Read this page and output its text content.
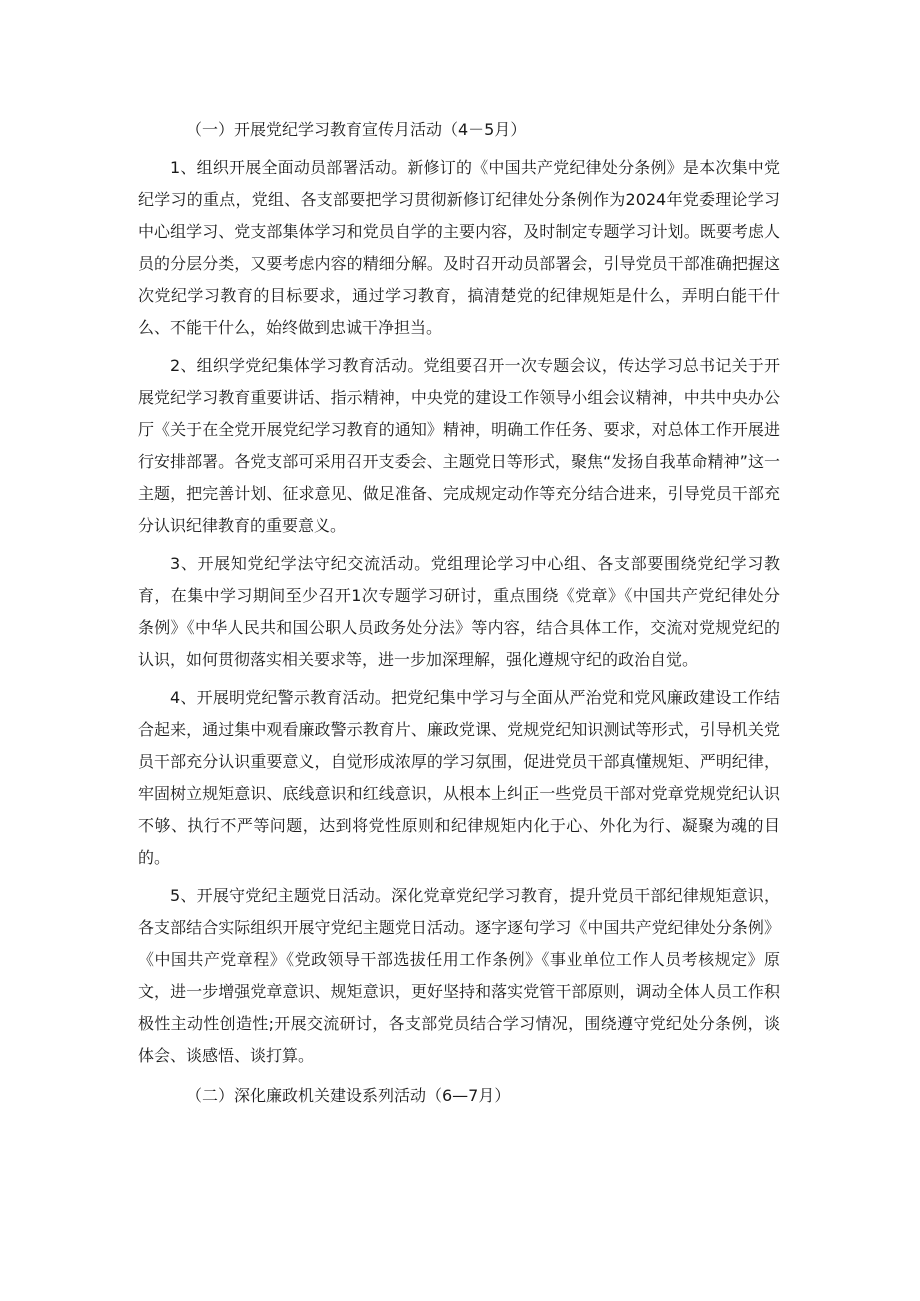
（一）开展党纪学习教育宣传月活动（4－5月）

1、组织开展全面动员部署活动。新修订的《中国共产党纪律处分条例》是本次集中党纪学习的重点，党组、各支部要把学习贯彻新修订纪律处分条例作为2024年党委理论学习中心组学习、党支部集体学习和党员自学的主要内容，及时制定专题学习计划。既要考虑人员的分层分类，又要考虑内容的精细分解。及时召开动员部署会，引导党员干部准确把握这次党纪学习教育的目标要求，通过学习教育，搞清楚党的纪律规矩是什么，弄明白能干什么、不能干什么，始终做到忠诚干净担当。

2、组织学党纪集体学习教育活动。党组要召开一次专题会议，传达学习总书记关于开展党纪学习教育重要讲话、指示精神，中央党的建设工作领导小组会议精神，中共中央办公厅《关于在全党开展党纪学习教育的通知》精神，明确工作任务、要求，对总体工作开展进行安排部署。各党支部可采用召开支委会、主题党日等形式，聚焦“发扬自我革命精神”这一主题，把完善计划、征求意见、做足准备、完成规定动作等充分结合进来，引导党员干部充分认识纪律教育的重要意义。

3、开展知党纪学法守纪交流活动。党组理论学习中心组、各支部要围绕党纪学习教育，在集中学习期间至少召开1次专题学习研讨，重点围绕《党章》《中国共产党纪律处分条例》《中华人民共和国公职人员政务处分法》等内容，结合具体工作，交流对党规党纪的认识，如何贯彻落实相关要求等，进一步加深理解，强化遵规守纪的政治自觉。

4、开展明党纪警示教育活动。把党纪集中学习与全面从严治党和党风廉政建设工作结合起来，通过集中观看廉政警示教育片、廉政党课、党规党纪知识测试等形式，引导机关党员干部充分认识重要意义，自觉形成浓厚的学习氛围，促进党员干部真懂规矩、严明纪律，牢固树立规矩意识、底线意识和红线意识，从根本上纠正一些党员干部对党章党规党纪认识不够、执行不严等问题，达到将党性原则和纪律规矩内化于心、外化为行、凝聚为魂的目的。

5、开展守党纪主题党日活动。深化党章党纪学习教育，提升党员干部纪律规矩意识，各支部结合实际组织开展守党纪主题党日活动。逐字逐句学习《中国共产党纪律处分条例》《中国共产党章程》《党政领导干部选拔任用工作条例》《事业单位工作人员考核规定》原文，进一步增强党章意识、规矩意识，更好坚持和落实党管干部原则，调动全体人员工作积极性主动性创造性;开展交流研讨，各支部党员结合学习情况，围绕遵守党纪处分条例，谈体会、谈感悟、谈打算。

（二）深化廉政机关建设系列活动（6—7月）
